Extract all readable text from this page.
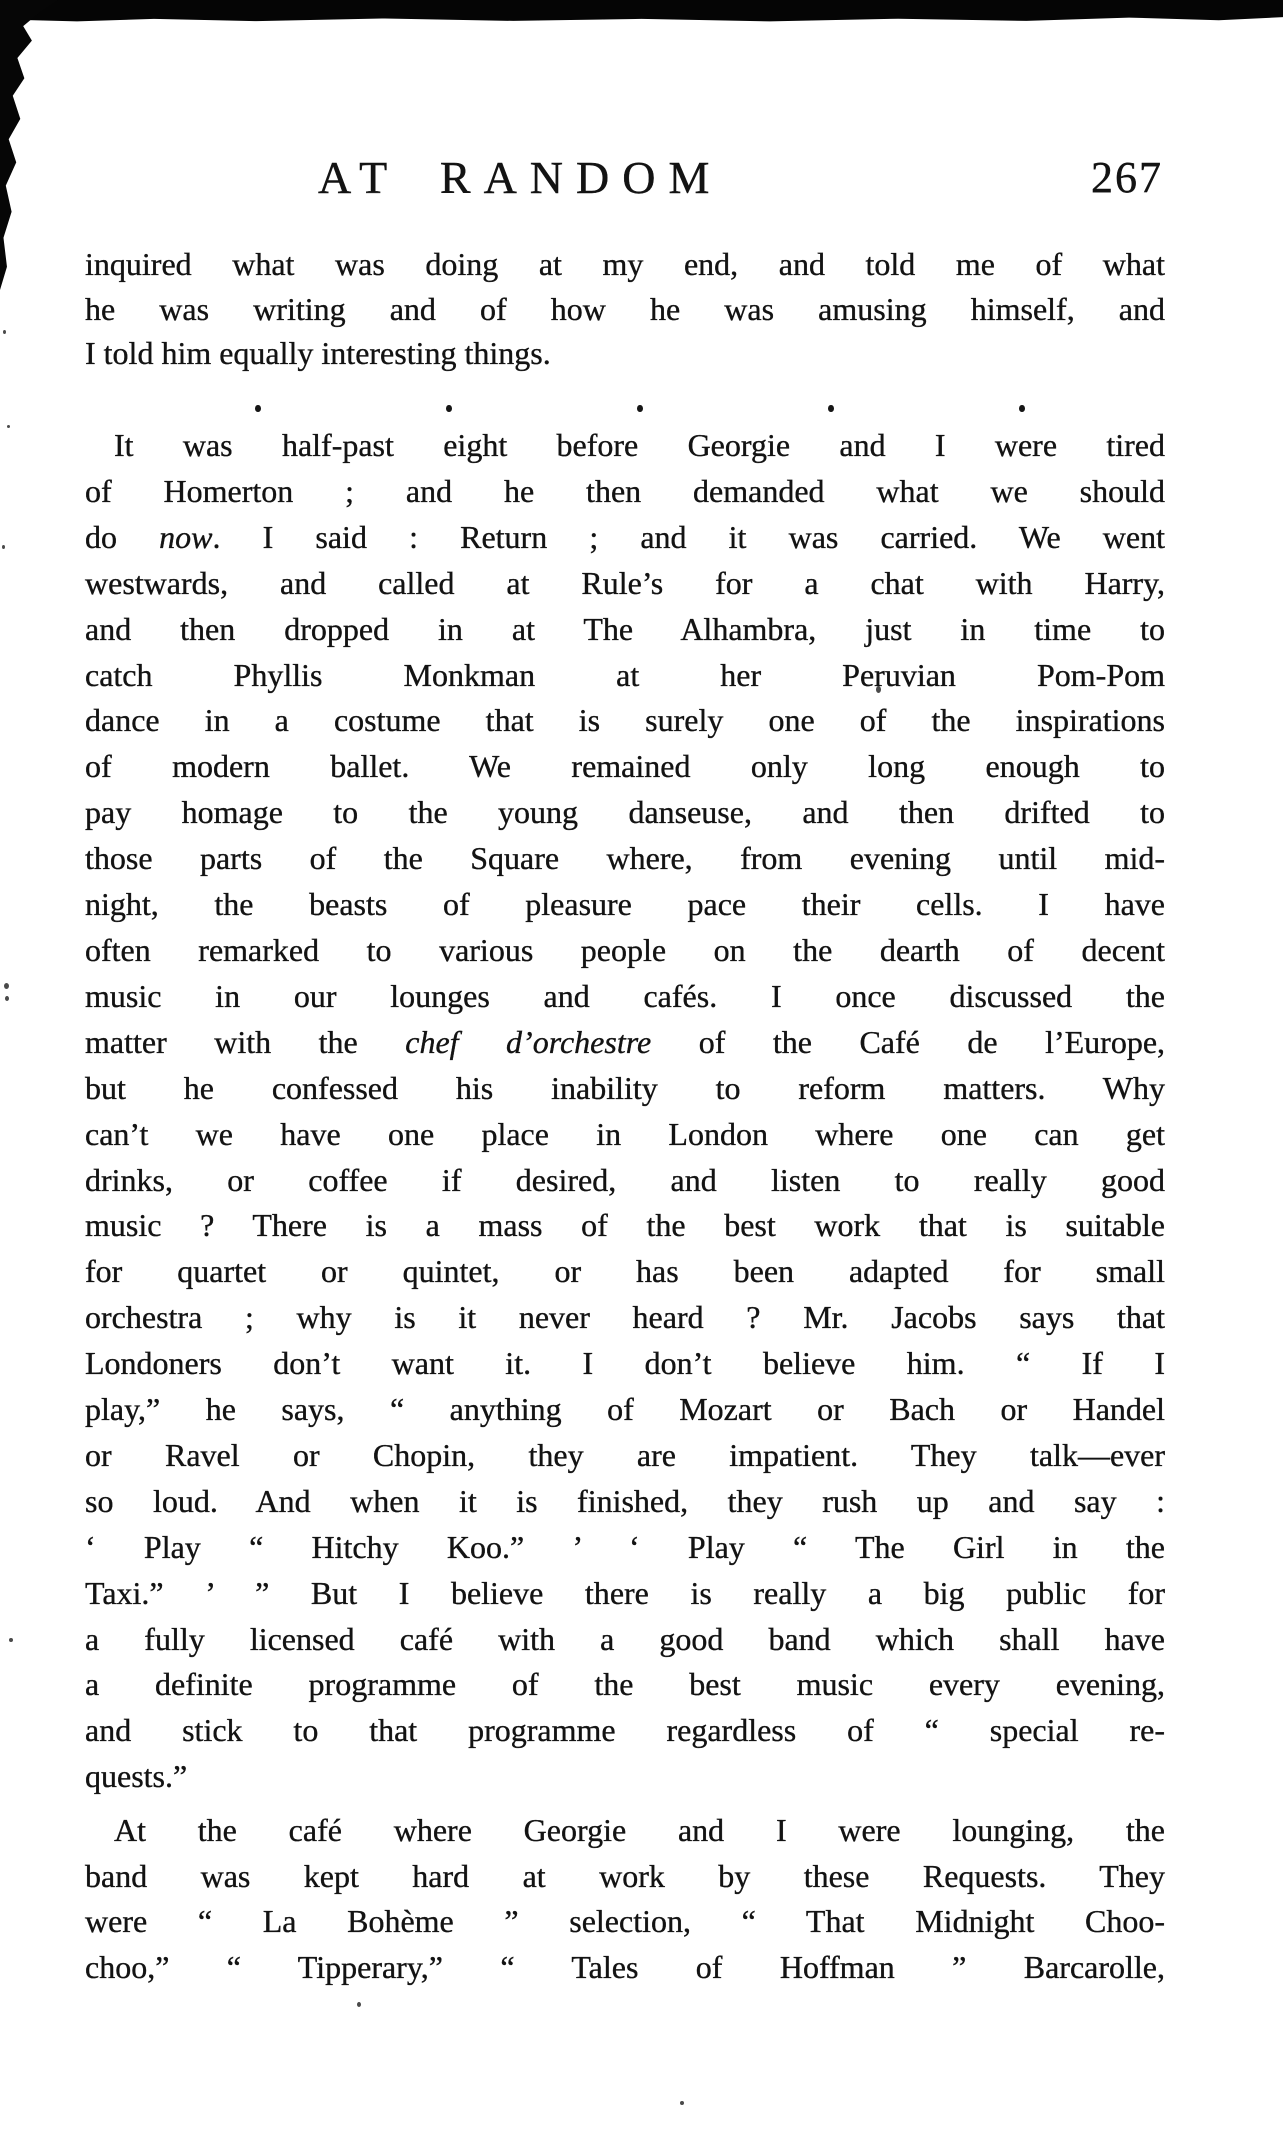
AT RANDOM	267
inquired what was doing at my end, and told me of what
he was writing and of how he was amusing himself, and
I told him equally interesting things.
It was half-past eight before Georgie and I were tired
of Homerton ; and he then demanded what we should
do now. I said : Return ; and it was carried. We went
westwards, and called at Rule’s for a chat with Harry,
and then dropped in at The Alhambra, just in time to
catch Phyllis Monkman at her Peruvian Pom-Pom
dance in a costume that is surely one of the inspirations
of modern ballet. We remained only long enough to
pay homage to the young danseuse, and then drifted to
those parts of the Square where, from evening until mid-
night, the beasts of pleasure pace their cells. I have
often remarked to various people on the dearth of decent
music in our lounges and cafés. I once discussed the
matter with the chef d’orchestre of the Café de l’Europe,
but he confessed his inability to reform matters. Why
can’t we have one place in London where one can get
drinks, or coffee if desired, and listen to really good
music ? There is a mass of the best work that is suitable
for quartet or quintet, or has been adapted for small
orchestra ; why is it never heard ? Mr. Jacobs says that
Londoners don’t want it. I don’t believe him. “ If I
play,” he says, “ anything of Mozart or Bach or Handel
or Ravel or Chopin, they are impatient. They talk—ever
so loud. And when it is finished, they rush up and say :
‘ Play “ Hitchy Koo.” ’ ‘ Play “ The Girl in the
Taxi.” ’ ” But I believe there is really a big public for
a fully licensed café with a good band which shall have
a definite programme of the best music every evening,
and stick to that programme regardless of “ special re-
quests.”
At the café where Georgie and I were lounging, the
band was kept hard at work by these Requests. They
were “ La Bohème ” selection, “ That Midnight Choo-
choo,” “ Tipperary,” “ Tales of Hoffman ” Barcarolle,
